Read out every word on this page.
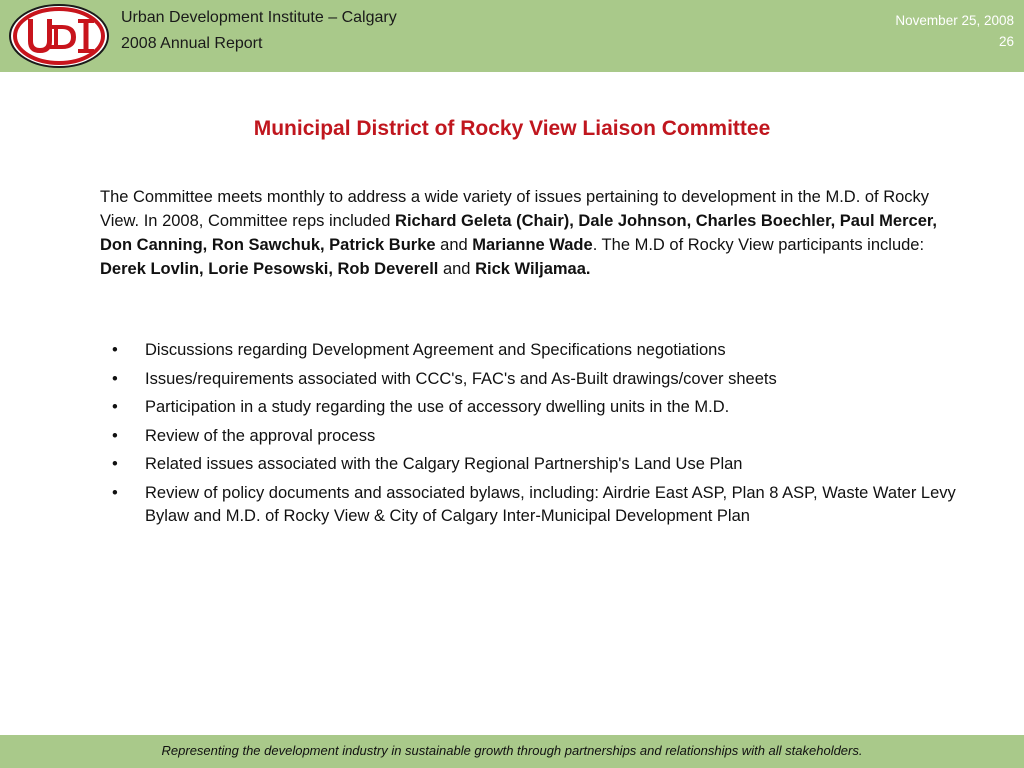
Urban Development Institute – Calgary
2008 Annual Report
November 25, 2008
26
Municipal District of Rocky View Liaison Committee

The Committee meets monthly to address a wide variety of issues pertaining to development in the M.D. of Rocky View. In 2008, Committee reps included Richard Geleta (Chair), Dale Johnson, Charles Boechler, Paul Mercer, Don Canning, Ron Sawchuk, Patrick Burke and Marianne Wade. The M.D of Rocky View participants include: Derek Lovlin, Lorie Pesowski, Rob Deverell and Rick Wiljamaa.

• Discussions regarding Development Agreement and Specifications negotiations
• Issues/requirements associated with CCC's, FAC's and As-Built drawings/cover sheets
• Participation in a study regarding the use of accessory dwelling units in the M.D.
• Review of the approval process
• Related issues associated with the Calgary Regional Partnership's Land Use Plan
• Review of policy documents and associated bylaws, including: Airdrie East ASP, Plan 8 ASP, Waste Water Levy Bylaw and M.D. of Rocky View & City of Calgary Inter-Municipal Development Plan
Representing the development industry in sustainable growth through partnerships and relationships with all stakeholders.
